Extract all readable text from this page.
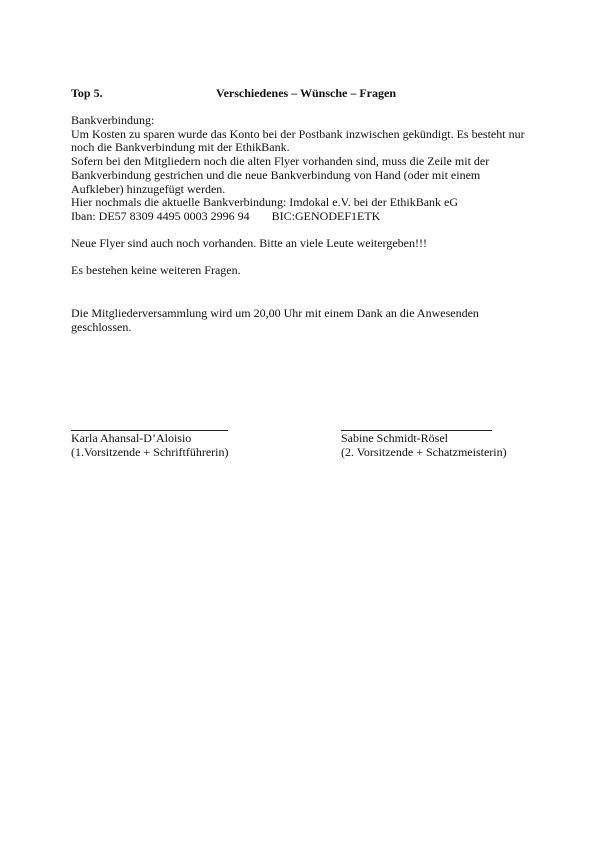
Top 5.	Verschiedenes – Wünsche – Fragen
Bankverbindung:
Um Kosten zu sparen wurde das Konto bei der Postbank inzwischen gekündigt. Es besteht nur
noch die Bankverbindung mit der EthikBank.
Sofern bei den Mitgliedern noch die alten Flyer vorhanden sind, muss die Zeile mit der
Bankverbindung gestrichen und die neue Bankverbindung von Hand (oder mit einem
Aufkleber) hinzugefügt werden.
Hier nochmals die aktuelle Bankverbindung: Imdokal e.V. bei der EthikBank eG
Iban: DE57 8309 4495 0003 2996 94 BIC:GENODEF1ETK
Neue Flyer sind auch noch vorhanden. Bitte an viele Leute weitergeben!!!
Es bestehen keine weiteren Fragen.
Die Mitgliederversammlung wird um 20,00 Uhr mit einem Dank an die Anwesenden
geschlossen.
Karla Ahansal-D’Aloisio
(1.Vorsitzende + Schriftführerin)
Sabine Schmidt-Rösel
(2. Vorsitzende + Schatzmeisterin)
